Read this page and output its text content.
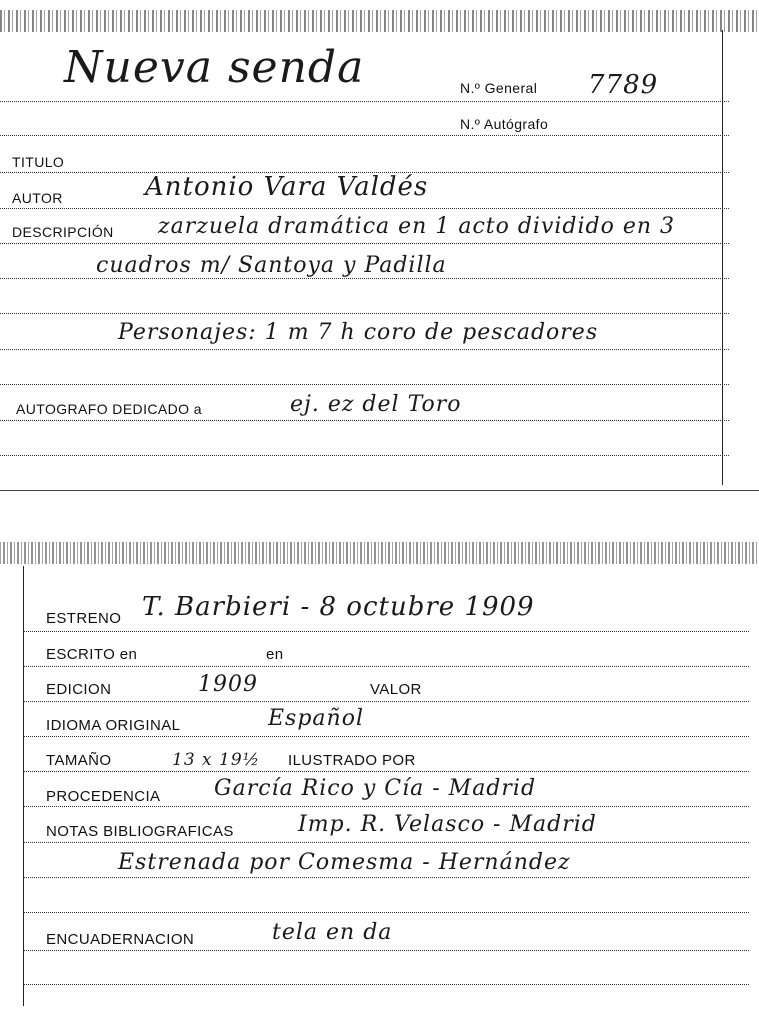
Nueva senda	N.º General 7789
N.º Autógrafo
TITULO
AUTOR	Antonio Vara Valdés
DESCRIPCIÓN zarzuela dramática en 1 acto dividido en 3
cuadros m/ Santoya y Padilla
Personajes: 1 m 7 h coro de pescadores
AUTOGRAFO DEDICADO a	ej. ez del Toro
ESTRENO T. Barbieri - 8 octubre 1909
ESCRITO en	en
EDICION	1909	VALOR
IDIOMA ORIGINAL	Español
TAMAÑO	13 x 19½ ILUSTRADO POR
PROCEDENCIA García Rico y Cía - Madrid
NOTAS BIBLIOGRAFICAS	Imp. R. Velasco - Madrid
Estrenada por Comesma - Hernández
ENCUADERNACION	tela en da
